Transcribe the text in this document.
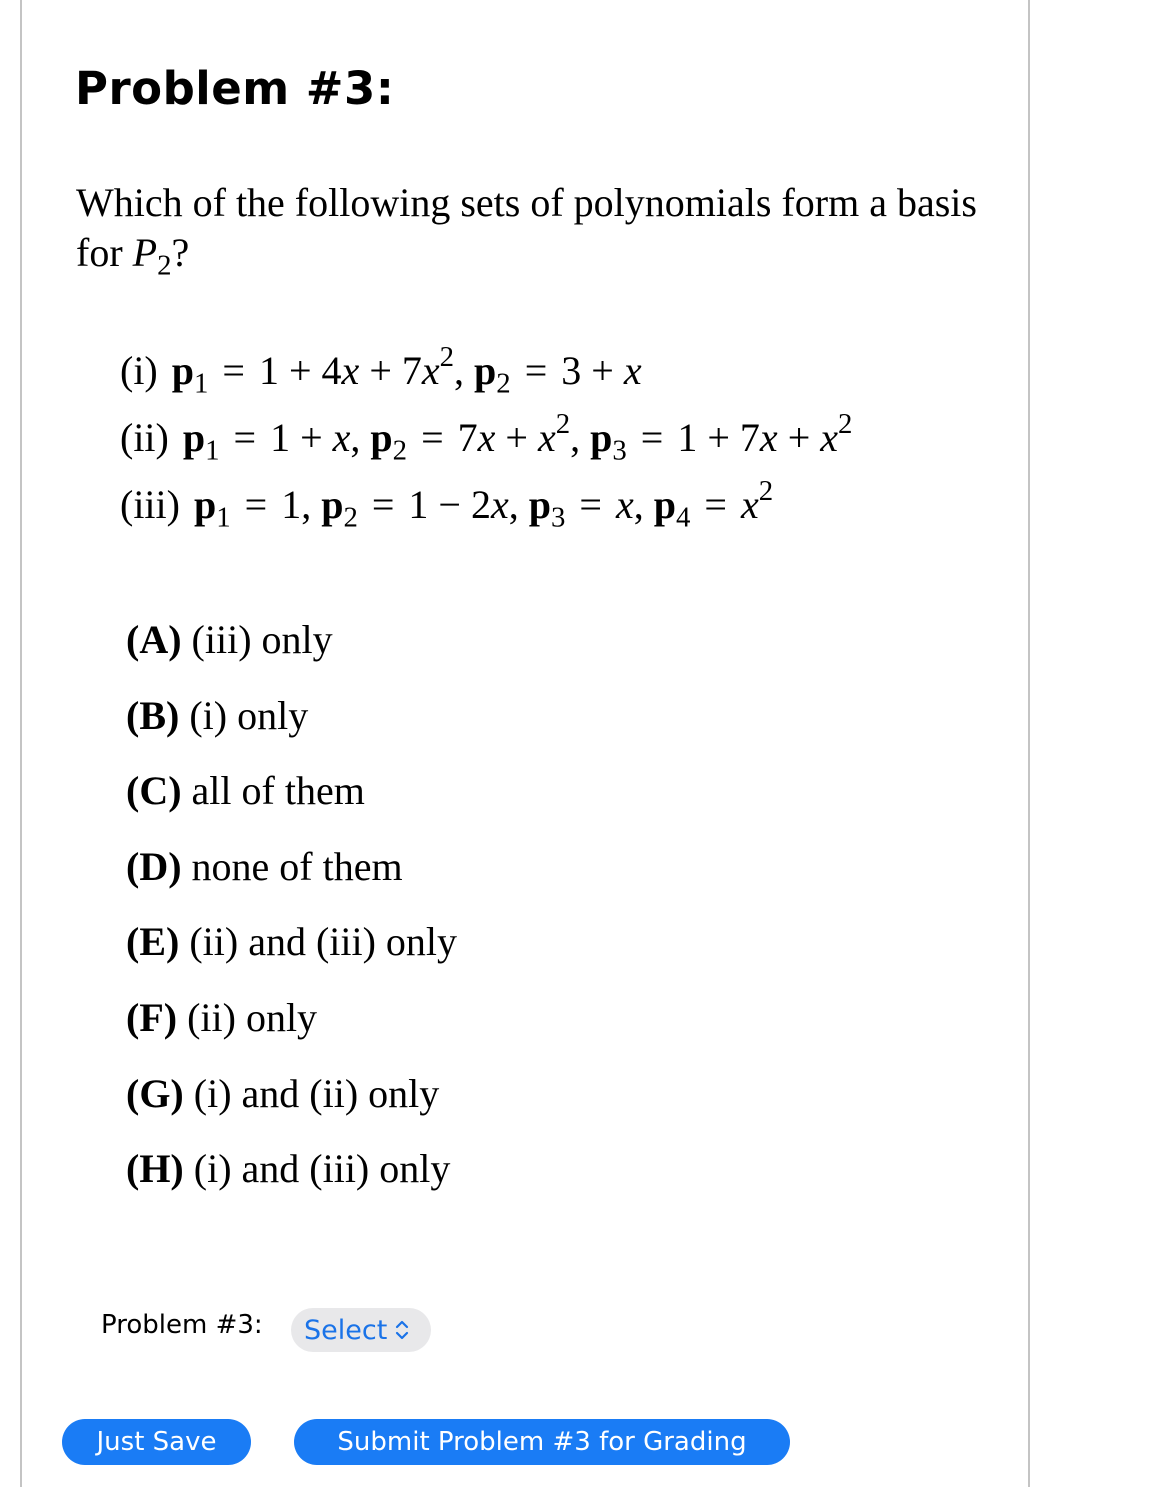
Problem #3:
Which of the following sets of polynomials form a basis for $P_2$?
(i) $p_1 = 1 + 4x + 7x^2$, $p_2 = 3 + x$
(ii) $p_1 = 1 + x$, $p_2 = 7x + x^2$, $p_3 = 1 + 7x + x^2$
(iii) $p_1 = 1$, $p_2 = 1 - 2x$, $p_3 = x$, $p_4 = x^2$
(A) (iii) only
(B) (i) only
(C) all of them
(D) none of them
(E) (ii) and (iii) only
(F) (ii) only
(G) (i) and (ii) only
(H) (i) and (iii) only
Problem #3: Select
Just Save	Submit Problem #3 for Grading
